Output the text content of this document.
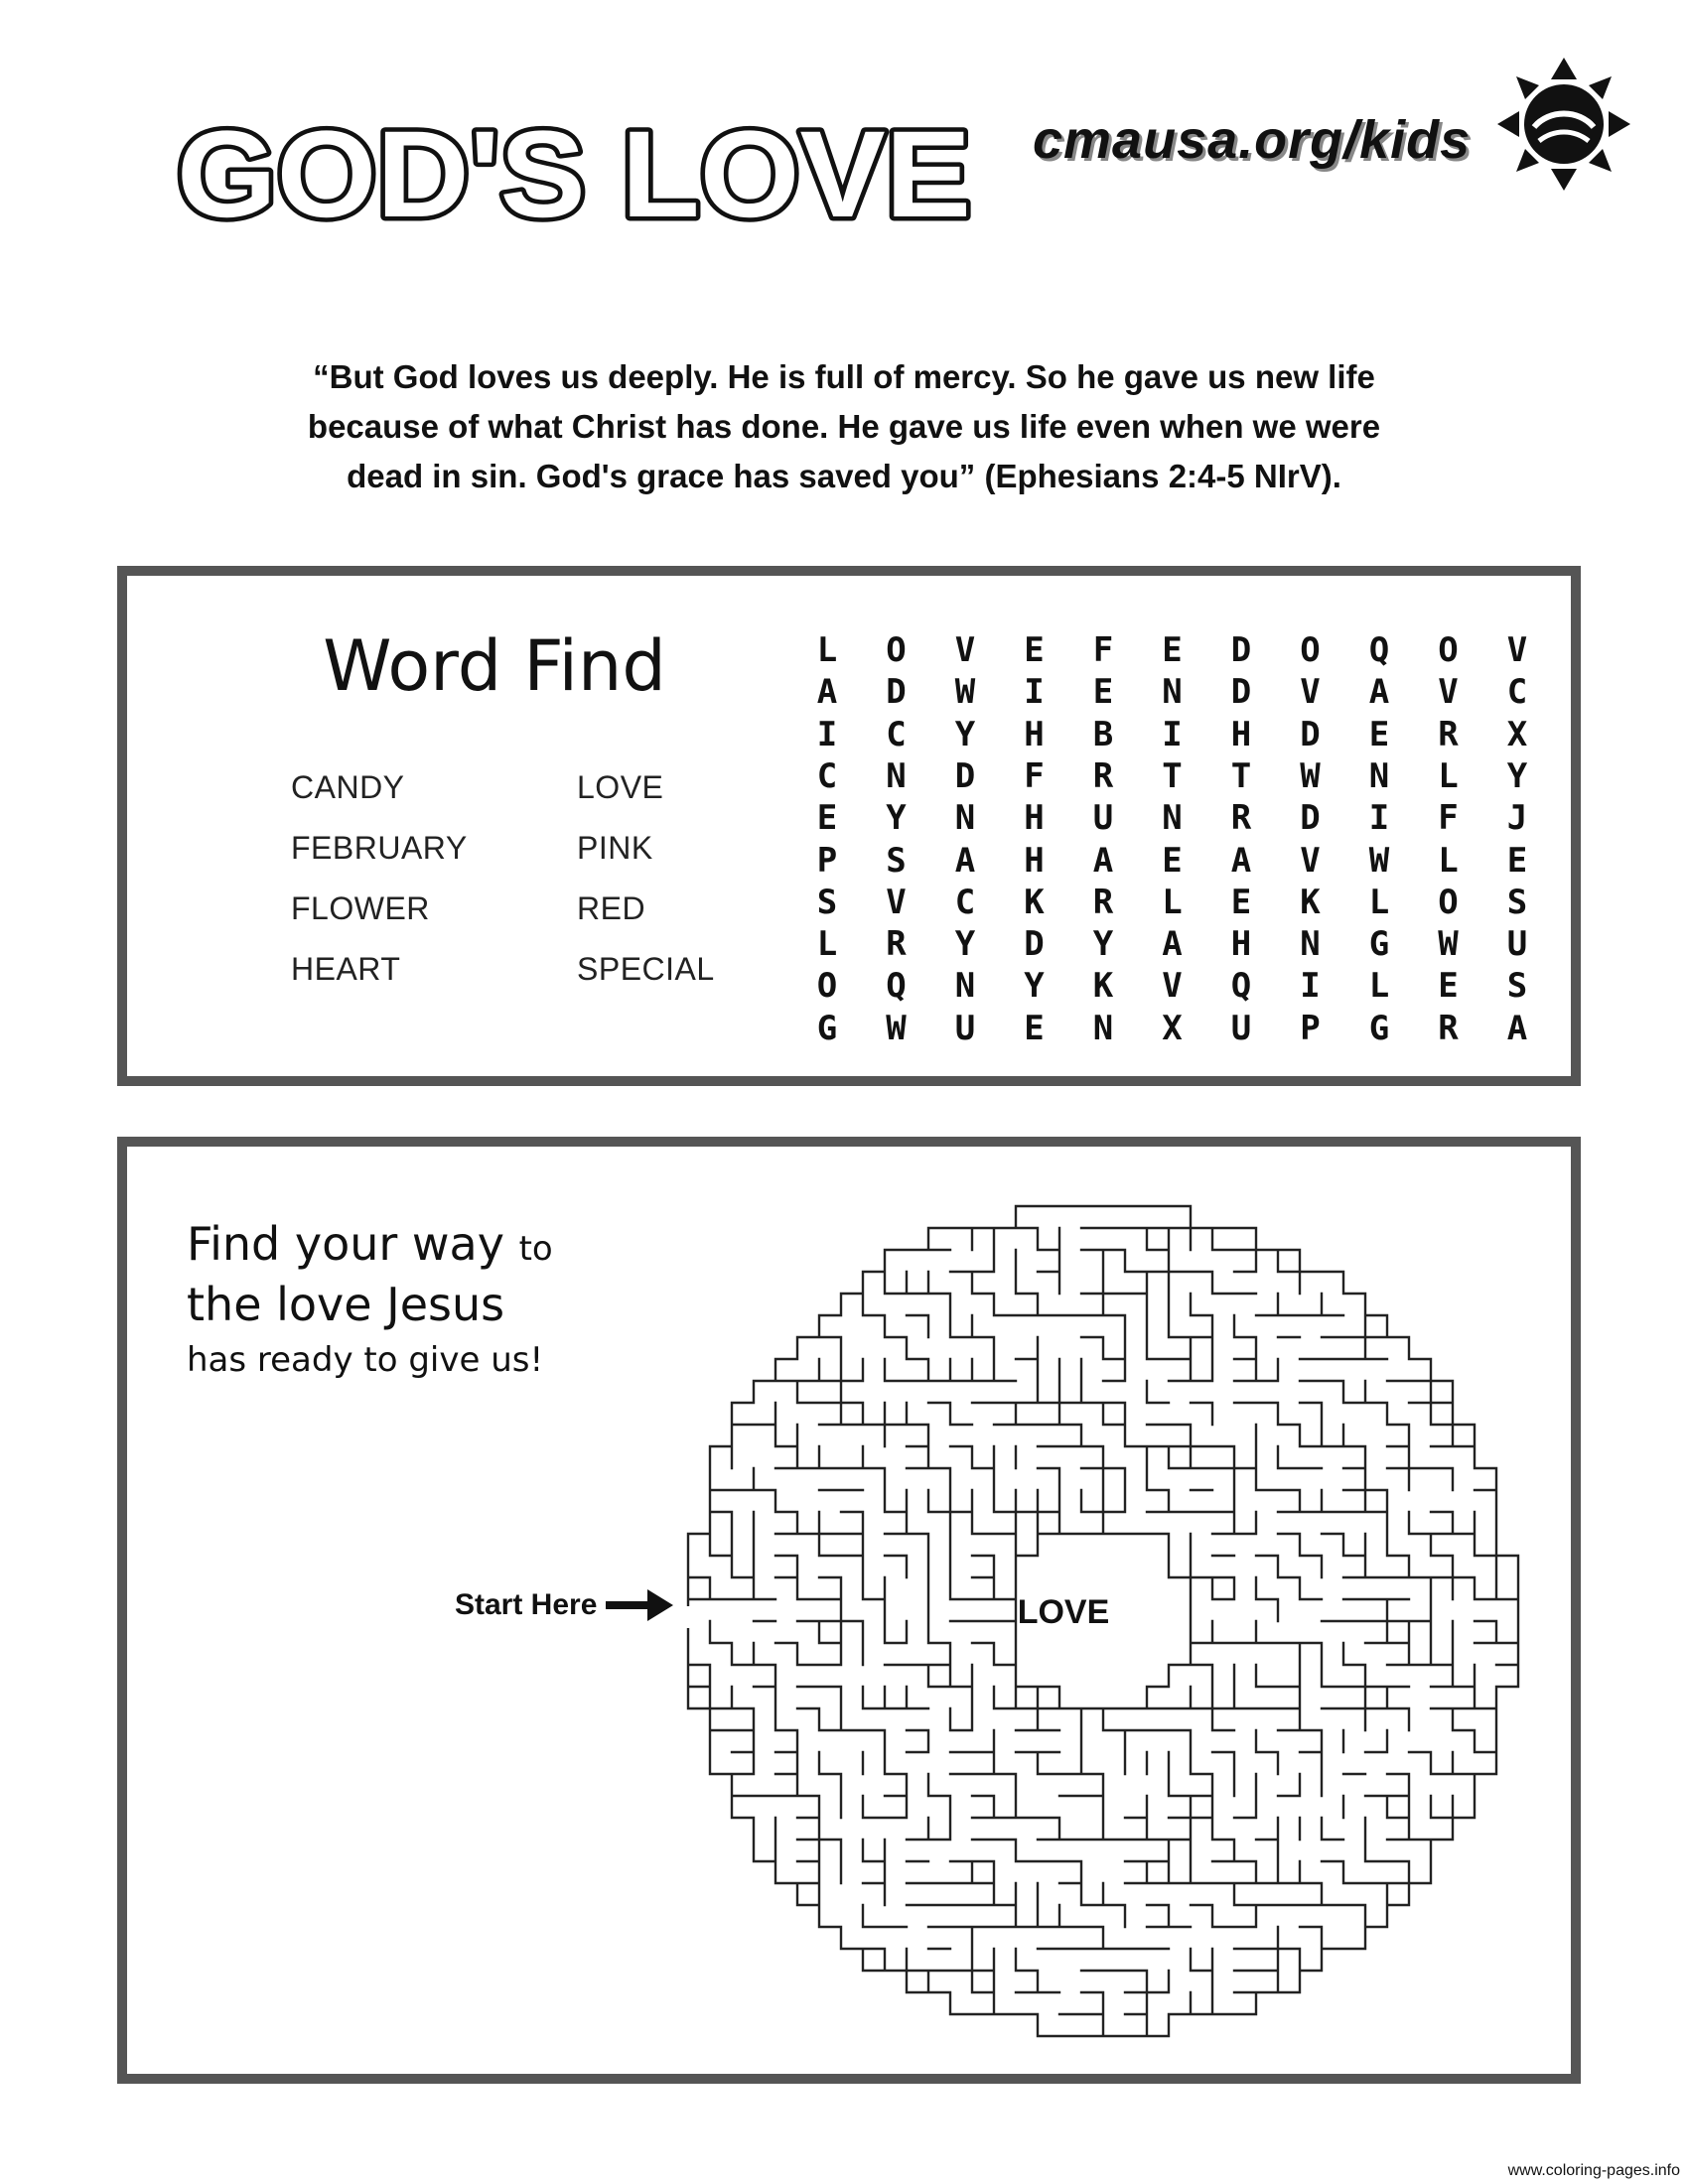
GOD'S LOVE cmausa.org/kids
“But God loves us deeply. He is full of mercy. So he gave us new life
because of what Christ has done. He gave us life even when we were
dead in sin. God's grace has saved you” (Ephesians 2:4-5 NIrV).
Word Find
CANDY
FEBRUARY
FLOWER
HEART
LOVE
PINK
RED
SPECIAL
L O V E F E D O Q O V
A D W I E N D V A V C
I C Y H B I H D E R X
C N D F R T T W N L Y
E Y N H U N R D I F J
P S A H A E A V W L E
S V C K R L E K L O S
L R Y D Y A H N G W U
O Q N Y K V Q I L E S
G W U E N X U P G R A
Find your way to
the love Jesus
has ready to give us!
Start Here	LOVE
www.coloring-pages.info
